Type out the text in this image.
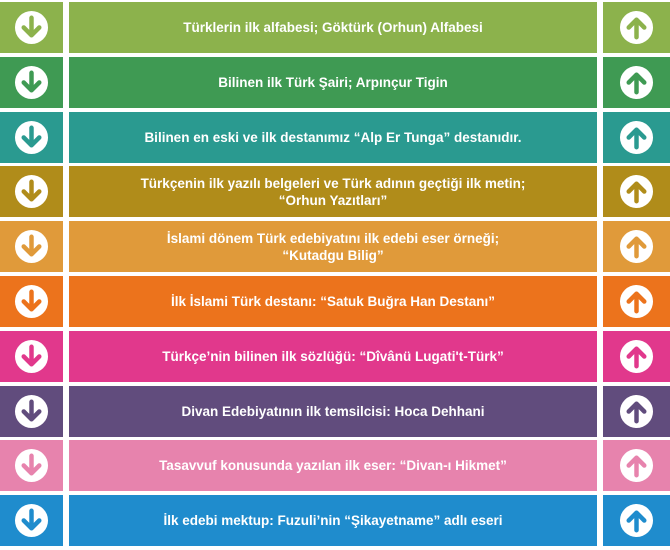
Türklerin ilk alfabesi; Göktürk (Orhun) Alfabesi
Bilinen ilk Türk Şairi; Arpınçur Tigin
Bilinen en eski ve ilk destanımız “Alp Er Tunga” destanıdır.
Türkçenin ilk yazılı belgeleri ve Türk adının geçtiği ilk metin;
“Orhun Yazıtları”
İslami dönem Türk edebiyatını ilk edebi eser örneği;
“Kutadgu Bilig”
İlk İslami Türk destanı: “Satuk Buğra Han Destanı”
Türkçe’nin bilinen ilk sözlüğü: “Dîvânü Lugati't-Türk”
Divan Edebiyatının ilk temsilcisi: Hoca Dehhani
Tasavvuf konusunda yazılan ilk eser: “Divan-ı Hikmet”
İlk edebi mektup: Fuzuli’nin “Şikayetname” adlı eseri
